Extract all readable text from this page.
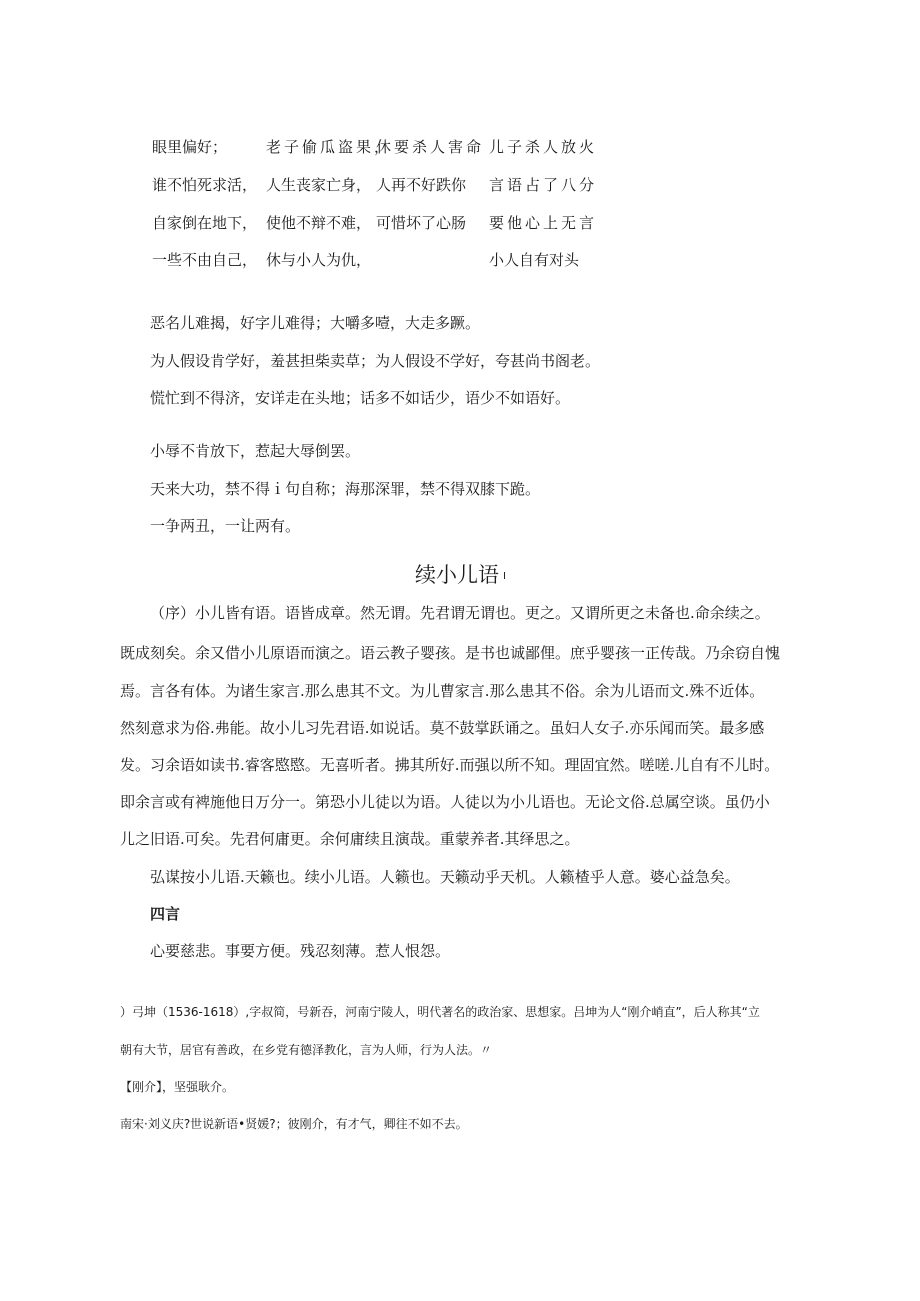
眼里偏好；	老子偷瓜盗果，
休要杀人害命 儿子杀人放火
谁不怕死求活， 人生丧家亡身， 人再不好跌你 言语占了八分
自家倒在地下， 使他不辩不难， 可惜坏了心肠 要他心上无言
一些不由自己， 休与小人为仇，	小人自有对头
恶名儿难揭，好字儿难得；大嚼多噎，大走多蹶。
为人假设肯学好，羞甚担柴卖草；为人假设不学好，夸甚尚书阁老。
慌忙到不得济，安详走在头地；话多不如话少，语少不如语好。
小辱不肯放下，惹起大辱倒罢。
天来大功，禁不得ｉ句自称；海那深罪，禁不得双膝下跪。
一争两丑，一让两有。
续小儿语 I
（序）小儿皆有语。语皆成章。然无谓。先君谓无谓也。更之。又谓所更之未备也.命余续之。
既成刻矣。余又借小儿原语而演之。语云教子婴孩。是书也诚鄙俚。庶乎婴孩一正传哉。乃余窃自愧
焉。言各有体。为诸生家言.那么患其不文。为儿曹家言.那么患其不俗。余为儿语而文.殊不近体。
然刻意求为俗.弗能。故小儿习先君语.如说话。莫不鼓掌跃诵之。虽妇人女子.亦乐闻而笑。最多感
发。习余语如读书.睿客愍愍。无喜听者。拂其所好.而强以所不知。理固宜然。嗟嗟.儿自有不儿时。
即余言或有裨施他日万分一。第恐小儿徒以为语。人徒以为小儿语也。无论文俗.总属空谈。虽仍小
儿之旧语.可矣。先君何庸更。余何庸续且演哉。重蒙养者.其绎思之。
弘谋按小儿语.天籁也。续小儿语。人籁也。天籁动乎天机。人籁楂乎人意。婆心益急矣。
四言
心要慈悲。事要方便。残忍刻薄。惹人恨怨。
）弓坤（1536-1618）,字叔简，号新吞，河南宁陵人，明代著名的政治家、思想家。吕坤为人“刚介峭直”，后人称其“立
朝有大节，居官有善政，在乡党有德泽教化，言为人师，行为人法。〃
【刚介】，坚强耿介。
南宋·刘义庆?世说新语•贤媛?；彼刚介，有才气，卿往不如不去。
